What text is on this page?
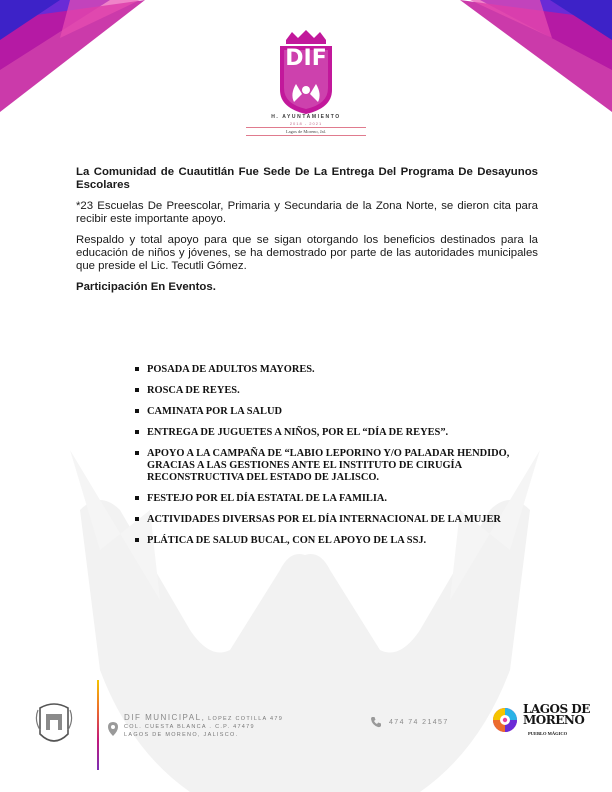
DIF
H. AYUNTAMIENTO
2018 - 2021
Lagos de Moreno, Jal.

La Comunidad de Cuautitlán Fue Sede De La Entrega Del Programa De Desayunos Escolares

*23 Escuelas De Preescolar, Primaria y Secundaria de la Zona Norte, se dieron cita para recibir este importante apoyo.

Respaldo y total apoyo para que se sigan otorgando los beneficios destinados para la educación de niños y jóvenes, se ha demostrado por parte de las autoridades municipales que preside el Lic. Tecutli Gómez.

Participación En Eventos.

POSADA DE ADULTOS MAYORES.
ROSCA DE REYES.
CAMINATA POR LA SALUD
ENTREGA DE JUGUETES A NIÑOS, POR EL “DÍA DE REYES”.
APOYO A LA CAMPAÑA DE “LABIO LEPORINO Y/O PALADAR HENDIDO, GRACIAS A LAS GESTIONES ANTE EL INSTITUTO DE CIRUGÍA RECONSTRUCTIVA DEL ESTADO DE JALISCO.
FESTEJO POR EL DÍA ESTATAL DE LA FAMILIA.
ACTIVIDADES DIVERSAS POR EL DÍA INTERNACIONAL DE LA MUJER
PLÁTICA DE SALUD BUCAL, CON EL APOYO DE LA SSJ.
DIF MUNICIPAL, LOPEZ COTILLA 479
COL. CUESTA BLANCA . C.P. 47479
LAGOS DE MORENO, JALISCO.
474 74 21457
LAGOS DE
MORENO
PUEBLO MÁGICO
